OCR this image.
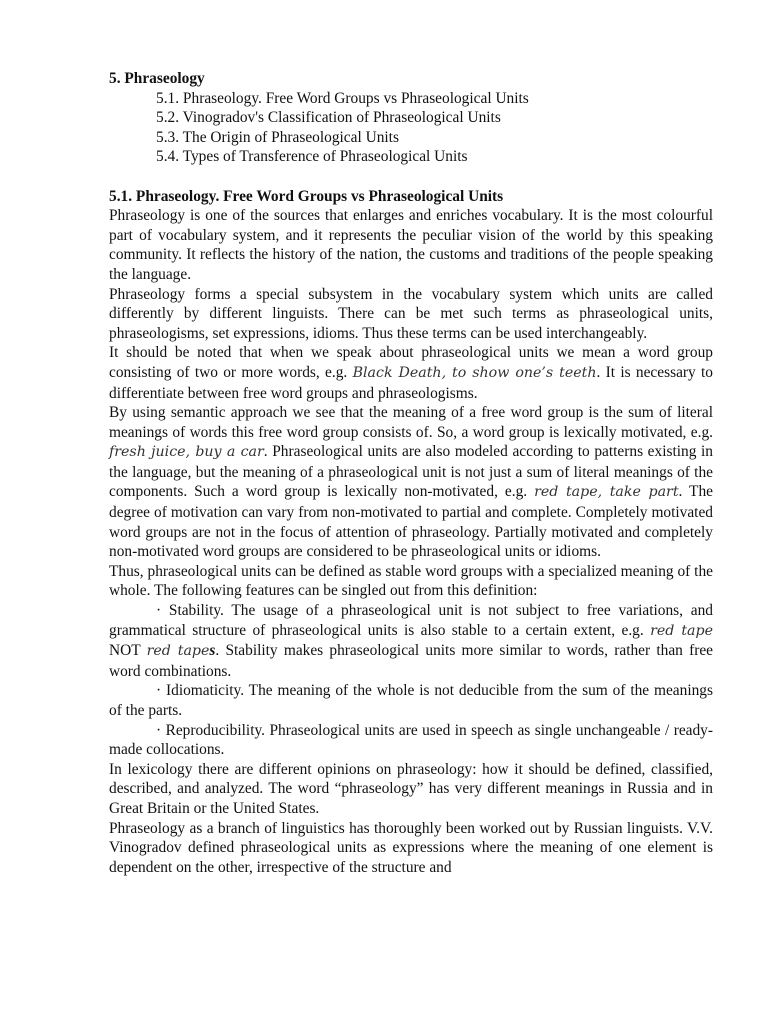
5. Phraseology

5.1. Phraseology. Free Word Groups vs Phraseological Units
5.2. Vinogradov's Classification of Phraseological Units
5.3. The Origin of Phraseological Units
5.4. Types of Transference of Phraseological Units

5.1. Phraseology. Free Word Groups vs Phraseological Units

Phraseology is one of the sources that enlarges and enriches vocabulary. It is the most colourful part of vocabulary system, and it represents the peculiar vision of the world by this speaking community. It reflects the history of the nation, the customs and traditions of the people speaking the language.

Phraseology forms a special subsystem in the vocabulary system which units are called differently by different linguists. There can be met such terms as phraseological units, phraseologisms, set expressions, idioms. Thus these terms can be used interchangeably.

It should be noted that when we speak about phraseological units we mean a word group consisting of two or more words, e.g. Black Death, to show one’s teeth. It is necessary to differentiate between free word groups and phraseologisms.

By using semantic approach we see that the meaning of a free word group is the sum of literal meanings of words this free word group consists of. So, a word group is lexically motivated, e.g. fresh juice, buy a car. Phraseological units are also modeled according to patterns existing in the language, but the meaning of a phraseological unit is not just a sum of literal meanings of the components. Such a word group is lexically non-motivated, e.g. red tape, take part. The degree of motivation can vary from non-motivated to partial and complete. Completely motivated word groups are not in the focus of attention of phraseology. Partially motivated and completely non-motivated word groups are considered to be phraseological units or idioms.

Thus, phraseological units can be defined as stable word groups with a specialized meaning of the whole. The following features can be singled out from this definition:

· Stability. The usage of a phraseological unit is not subject to free variations, and grammatical structure of phraseological units is also stable to a certain extent, e.g. red tape NOT red tapes. Stability makes phraseological units more similar to words, rather than free word combinations.

· Idiomaticity. The meaning of the whole is not deducible from the sum of the meanings of the parts.

· Reproducibility. Phraseological units are used in speech as single unchangeable / ready-made collocations.

In lexicology there are different opinions on phraseology: how it should be defined, classified, described, and analyzed. The word “phraseology” has very different meanings in Russia and in Great Britain or the United States.

Phraseology as a branch of linguistics has thoroughly been worked out by Russian linguists. V.V. Vinogradov defined phraseological units as expressions where the meaning of one element is dependent on the other, irrespective of the structure and
